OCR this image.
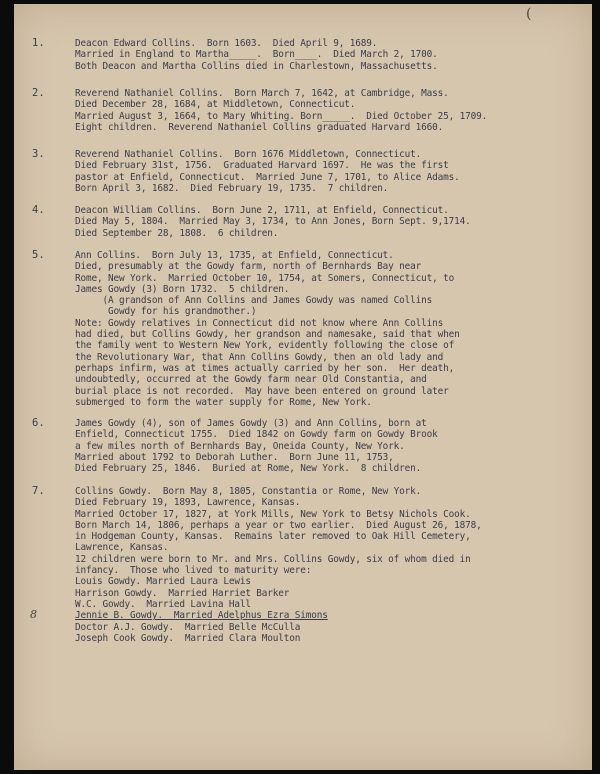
(
1.	Deacon Edward Collins.  Born 1603.  Died April 9, 1689.
Married in England to Martha_____.  Born____.  Died March 2, 1700.
Both Deacon and Martha Collins died in Charlestown, Massachusetts.
2.	Reverend Nathaniel Collins.  Born March 7, 1642, at Cambridge, Mass.
Died December 28, 1684, at Middletown, Connecticut.
Married August 3, 1664, to Mary Whiting. Born_____.  Died October 25, 1709.
Eight children.  Reverend Nathaniel Collins graduated Harvard 1660.
3.	Reverend Nathaniel Collins.  Born 1676 Middletown, Connecticut.
Died February 31st, 1756.  Graduated Harvard 1697.  He was the first
pastor at Enfield, Connecticut.  Married June 7, 1701, to Alice Adams.
Born April 3, 1682.  Died February 19, 1735.  7 children.
4.	Deacon William Collins.  Born June 2, 1711, at Enfield, Connecticut.
Died May 5, 1804.  Married May 3, 1734, to Ann Jones, Born Sept. 9,1714.
Died September 28, 1808.  6 children.
5.	Ann Collins.  Born July 13, 1735, at Enfield, Connecticut.
Died, presumably at the Gowdy farm, north of Bernhards Bay near
Rome, New York.  Married October 10, 1754, at Somers, Connecticut, to
James Gowdy (3) Born 1732.  5 children.
(A grandson of Ann Collins and James Gowdy was named Collins
Gowdy for his grandmother.)
Note: Gowdy relatives in Connecticut did not know where Ann Collins
had died, but Collins Gowdy, her grandson and namesake, said that when
the family went to Western New York, evidently following the close of
the Revolutionary War, that Ann Collins Gowdy, then an old lady and
perhaps infirm, was at times actually carried by her son.  Her death,
undoubtedly, occurred at the Gowdy farm near Old Constantia, and
burial place is not recorded.  May have been entered on ground later
submerged to form the water supply for Rome, New York.
6.	James Gowdy (4), son of James Gowdy (3) and Ann Collins, born at
Enfield, Connecticut 1755.  Died 1842 on Gowdy farm on Gowdy Brook
a few miles north of Bernhards Bay, Oneida County, New York.
Married about 1792 to Deborah Luther.  Born June 11, 1753,
Died February 25, 1846.  Buried at Rome, New York.  8 children.
7.	Collins Gowdy.  Born May 8, 1805, Constantia or Rome, New York.
Died February 19, 1893, Lawrence, Kansas.
Married October 17, 1827, at York Mills, New York to Betsy Nichols Cook.
Born March 14, 1806, perhaps a year or two earlier.  Died August 26, 1878,
in Hodgeman County, Kansas.  Remains later removed to Oak Hill Cemetery,
Lawrence, Kansas.
12 children were born to Mr. and Mrs. Collins Gowdy, six of whom died in
infancy.  Those who lived to maturity were:
Louis Gowdy. Married Laura Lewis
Harrison Gowdy.  Married Harriet Barker
W.C. Gowdy.  Married Lavina Hall
Jennie B. Gowdy.  Married Adelphus Ezra Simons
Doctor A.J. Gowdy.  Married Belle McCulla
Joseph Cook Gowdy.  Married Clara Moulton
8
